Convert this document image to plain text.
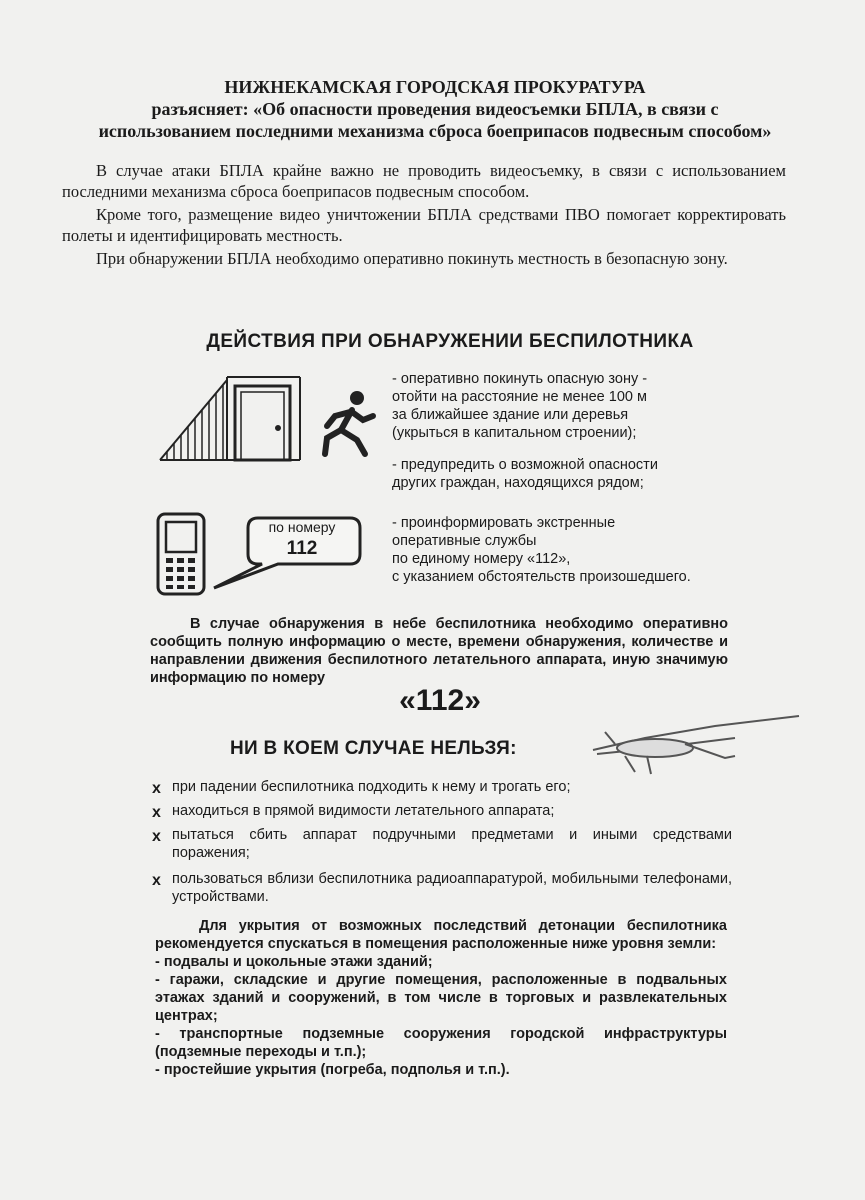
НИЖНЕКАМСКАЯ ГОРОДСКАЯ ПРОКУРАТУРА
разъясняет: «Об опасности проведения видеосъемки БПЛА, в связи с
использованием последними механизма сброса боеприпасов подвесным способом»
В случае атаки БПЛА крайне важно не проводить видеосъемку, в связи с использованием последними механизма сброса боеприпасов подвесным способом.
Кроме того, размещение видео уничтожении БПЛА средствами ПВО помогает корректировать полеты и идентифицировать местность.
При обнаружении БПЛА необходимо оперативно покинуть местность в безопасную зону.
ДЕЙСТВИЯ ПРИ ОБНАРУЖЕНИИ БЕСПИЛОТНИКА
- оперативно покинуть опасную зону -
отойти на расстояние не менее 100 м
за ближайшее здание или деревья
(укрыться в капитальном строении);
- предупредить о возможной опасности
других граждан, находящихся рядом;
- проинформировать экстренные
оперативные службы
по единому номеру «112»,
с указанием обстоятельств произошедшего.
по номеру
112
В случае обнаружения в небе беспилотника необходимо оперативно сообщить полную информацию о месте, времени обнаружения, количестве и направлении движения беспилотного летательного аппарата, иную значимую информацию по номеру
«112»
НИ В КОЕМ СЛУЧАЕ НЕЛЬЗЯ:
x при падении беспилотника подходить к нему и трогать его;
x находиться в прямой видимости летательного аппарата;
x пытаться сбить аппарат подручными предметами и иными средствами поражения;
x пользоваться вблизи беспилотника радиоаппаратурой, мобильными телефонами, устройствами.
Для укрытия от возможных последствий детонации беспилотника рекомендуется спускаться в помещения расположенные ниже уровня земли:
- подвалы и цокольные этажи зданий;
- гаражи, складские и другие помещения, расположенные в подвальных этажах зданий и сооружений, в том числе в торговых и развлекательных центрах;
- транспортные подземные сооружения городской инфраструктуры (подземные переходы и т.п.);
- простейшие укрытия (погреба, подполья и т.п.).
